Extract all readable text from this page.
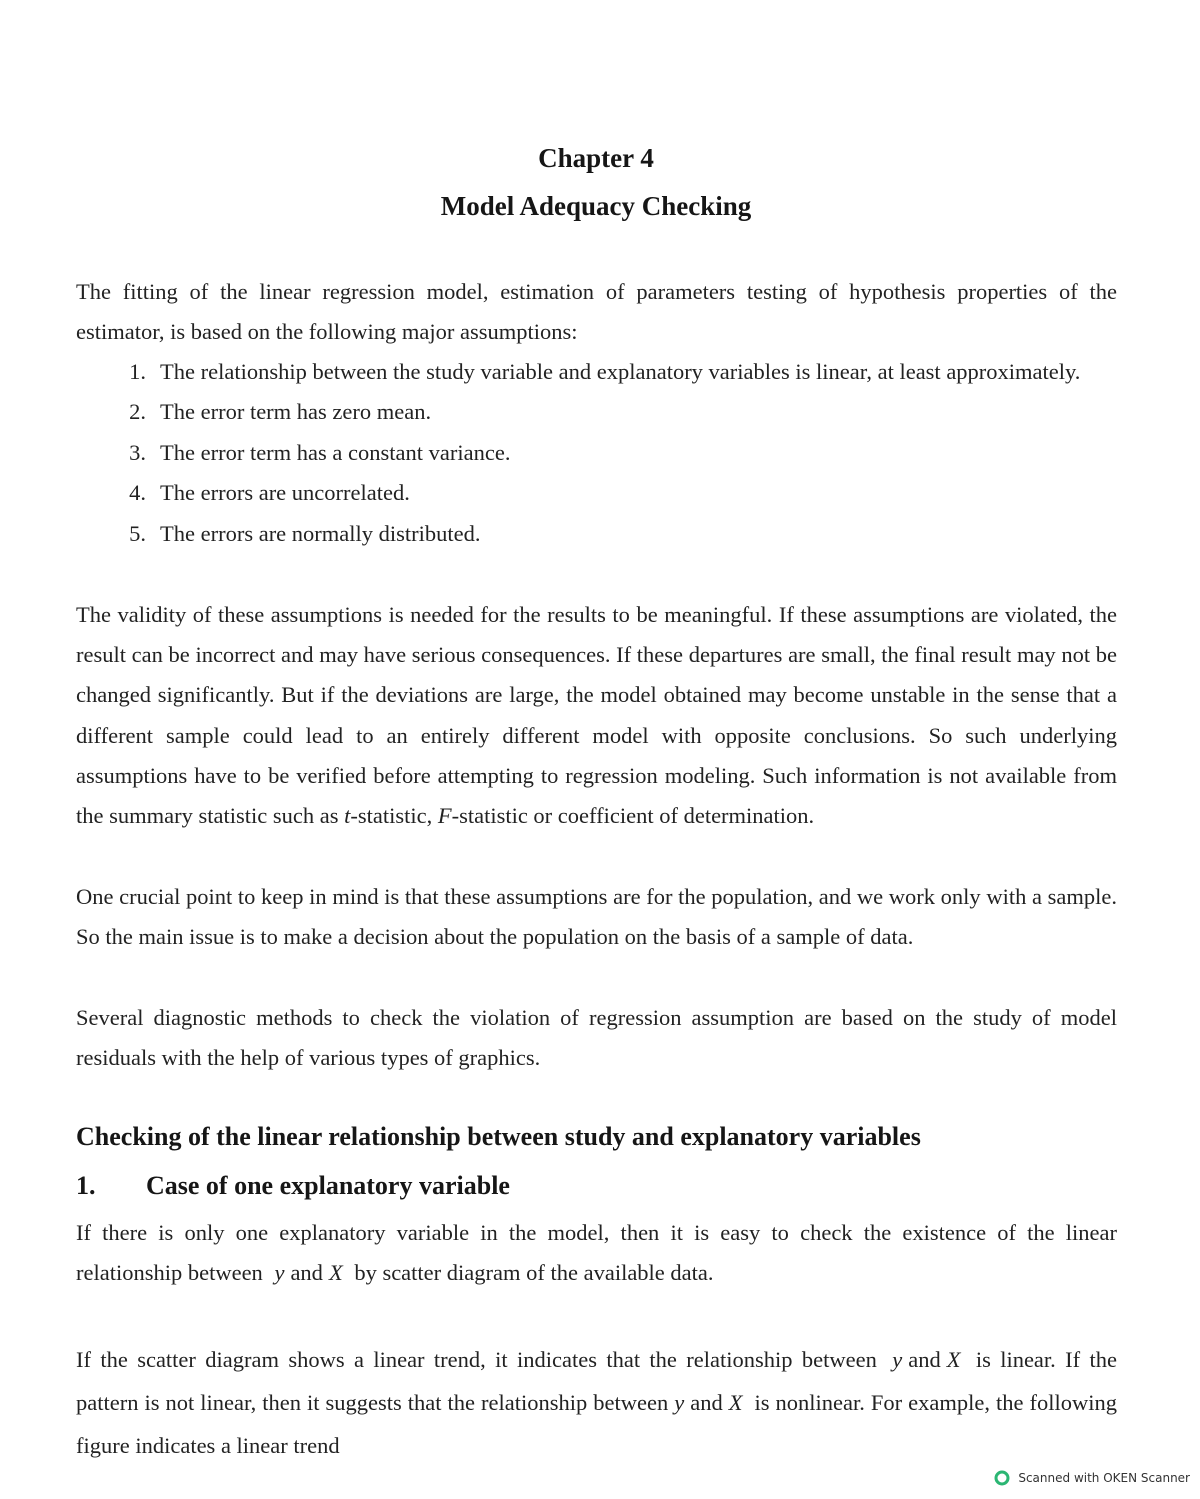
Chapter 4
Model Adequacy Checking
The fitting of the linear regression model, estimation of parameters testing of hypothesis properties of the estimator, is based on the following major assumptions:
1. The relationship between the study variable and explanatory variables is linear, at least approximately.
2. The error term has zero mean.
3. The error term has a constant variance.
4. The errors are uncorrelated.
5. The errors are normally distributed.
The validity of these assumptions is needed for the results to be meaningful. If these assumptions are violated, the result can be incorrect and may have serious consequences. If these departures are small, the final result may not be changed significantly. But if the deviations are large, the model obtained may become unstable in the sense that a different sample could lead to an entirely different model with opposite conclusions. So such underlying assumptions have to be verified before attempting to regression modeling. Such information is not available from the summary statistic such as t-statistic, F-statistic or coefficient of determination.
One crucial point to keep in mind is that these assumptions are for the population, and we work only with a sample. So the main issue is to make a decision about the population on the basis of a sample of data.
Several diagnostic methods to check the violation of regression assumption are based on the study of model residuals with the help of various types of graphics.
Checking of the linear relationship between study and explanatory variables
1. Case of one explanatory variable
If there is only one explanatory variable in the model, then it is easy to check the existence of the linear relationship between y and X by scatter diagram of the available data.
If the scatter diagram shows a linear trend, it indicates that the relationship between y and X is linear. If the pattern is not linear, then it suggests that the relationship between y and X is nonlinear. For example, the following figure indicates a linear trend
Scanned with OKEN Scanner
